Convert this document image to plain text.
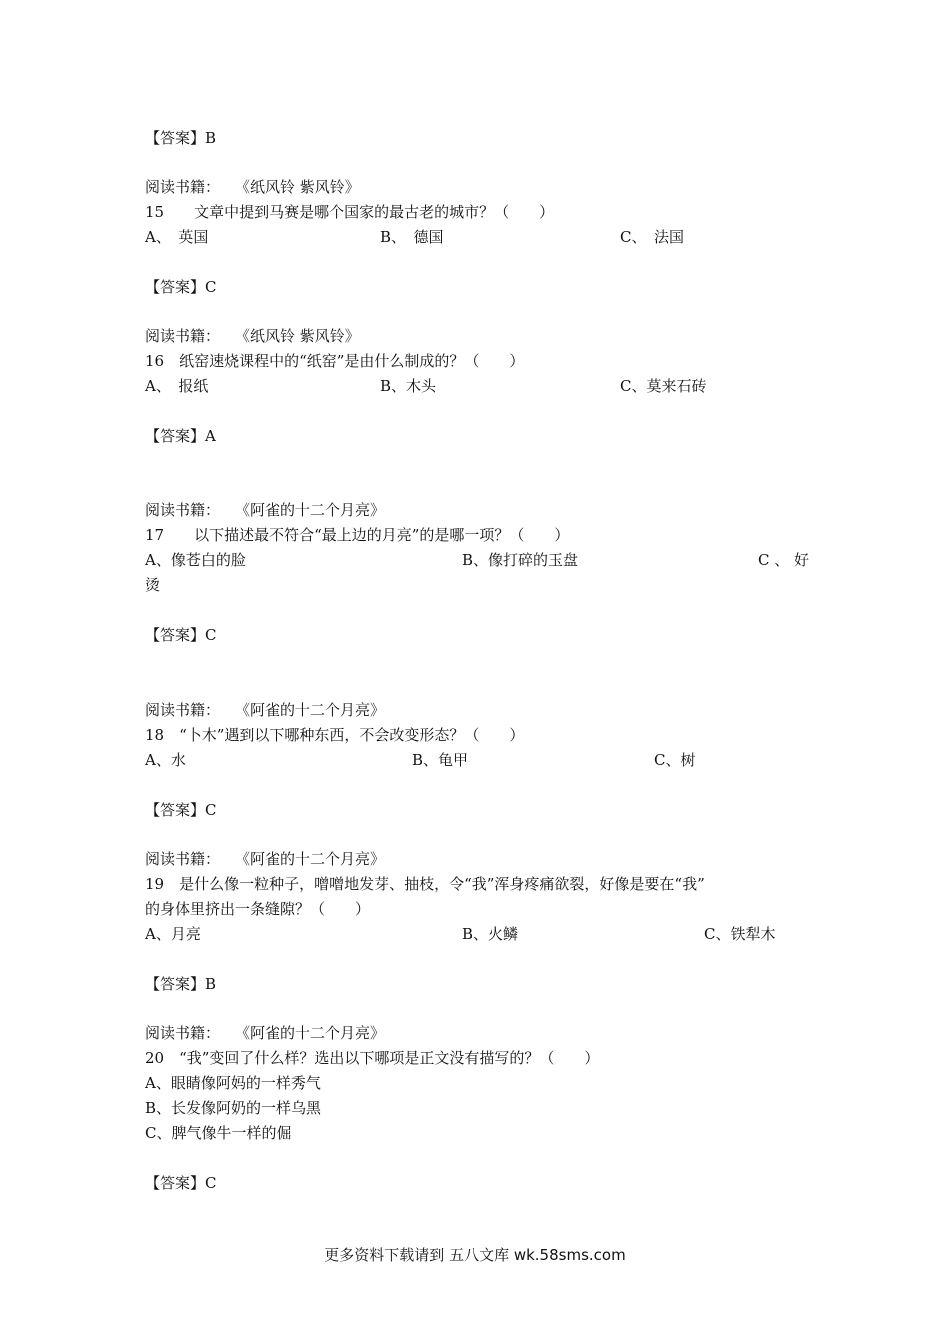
【答案】B
阅读书籍：　　《纸风铃 紫风铃》
15　　文章中提到马赛是哪个国家的最古老的城市？（　　）
A、　英国	B、　德国	C、　法国
【答案】C
阅读书籍：　　《纸风铃 紫风铃》
16　纸窑速烧课程中的“纸窑”是由什么制成的？（　　）
A、　报纸	B、木头	C、莫来石砖
【答案】A
阅读书籍：　　《阿雀的十二个月亮》
17　　以下描述最不符合“最上边的月亮”的是哪一项？（　　）
A、像苍白的脸	B、像打碎的玉盘	C 、 好
烫
【答案】C
阅读书籍：　　《阿雀的十二个月亮》
18　“卜木”遇到以下哪种东西，不会改变形态？（　　）
A、水	B、龟甲	C、树
【答案】C
阅读书籍：　　《阿雀的十二个月亮》
19　是什么像一粒种子，噌噌地发芽、抽枝，令“我”浑身疼痛欲裂，好像是要在“我”
的身体里挤出一条缝隙？（　　）
A、月亮	B、火鳞	C、铁犁木
【答案】B
阅读书籍：　　《阿雀的十二个月亮》
20　“我”变回了什么样？选出以下哪项是正文没有描写的？（　　）
A、眼睛像阿妈的一样秀气
B、长发像阿奶的一样乌黑
C、脾气像牛一样的倔
【答案】C
更多资料下载请到 五八文库 wk.58sms.com
